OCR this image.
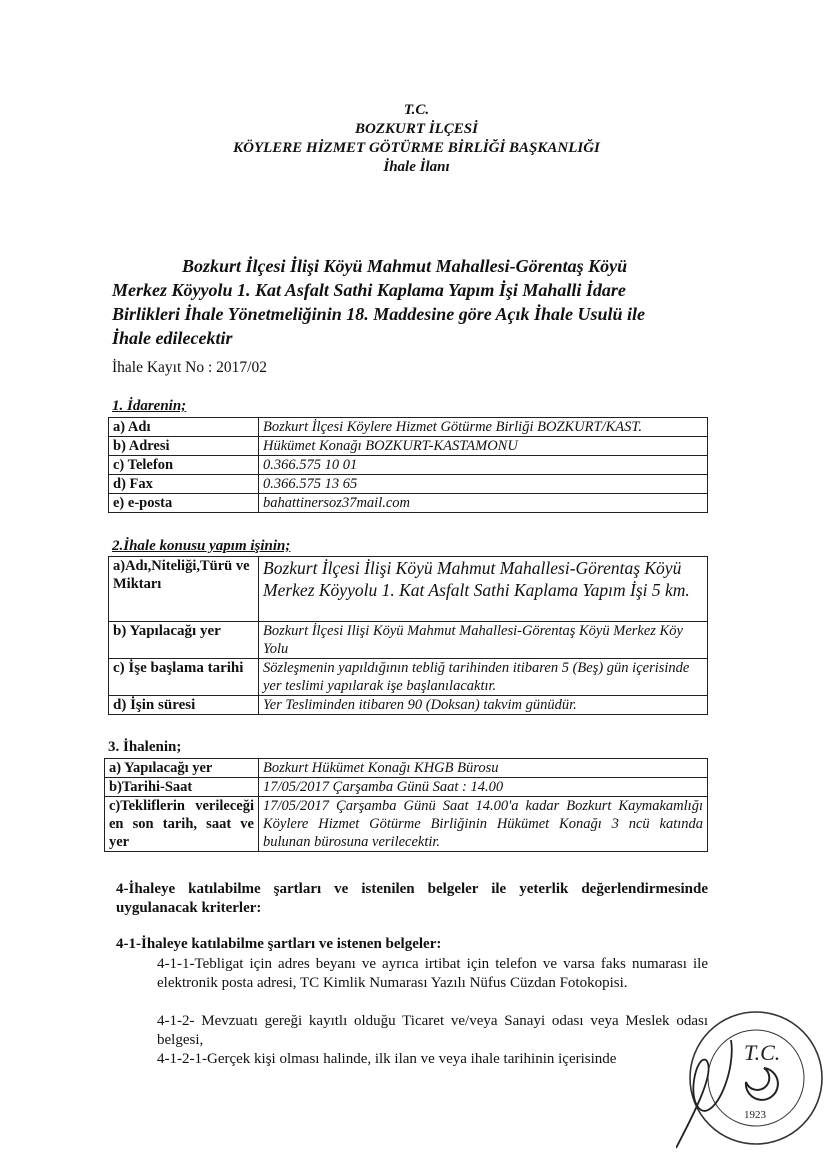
T.C.
BOZKURT İLÇESİ
KÖYLERE HİZMET GÖTÜRME BİRLİĞİ BAŞKANLIĞI
İhale İlanı
Bozkurt İlçesi İlişi Köyü Mahmut Mahallesi-Görentaş Köyü
Merkez Köyyolu 1. Kat Asfalt Sathi Kaplama Yapım İşi Mahalli İdare
Birlikleri İhale Yönetmeliğinin 18. Maddesine göre Açık İhale Usulü ile
İhale edilecektir
İhale Kayıt No : 2017/02
1. İdarenin;
a) Adı	Bozkurt İlçesi Köylere Hizmet Götürme Birliği BOZKURT/KAST.
b) Adresi	Hükümet Konağı BOZKURT-KASTAMONU
c) Telefon	0.366.575 10 01
d) Fax	0.366.575 13 65
e) e-posta	bahattinersoz37mail.com
2.İhale konusu yapım işinin;
a)Adı,Niteliği,Türü ve Miktarı	Bozkurt İlçesi İlişi Köyü Mahmut Mahallesi-Görentaş Köyü Merkez Köyyolu 1. Kat Asfalt Sathi Kaplama Yapım İşi 5 km.
b) Yapılacağı yer	Bozkurt İlçesi Ilişi Köyü Mahmut Mahallesi-Görentaş Köyü Merkez Köy Yolu
c) İşe başlama tarihi	Sözleşmenin yapıldığının tebliğ tarihinden itibaren 5 (Beş) gün içerisinde yer teslimi yapılarak işe başlanılacaktır.
d) İşin süresi	Yer Tesliminden itibaren 90 (Doksan) takvim günüdür.
3. İhalenin;
a) Yapılacağı yer	Bozkurt Hükümet Konağı KHGB Bürosu
b)Tarihi-Saat	17/05/2017 Çarşamba Günü Saat : 14.00
c)Tekliflerin verileceği en son tarih, saat ve yer	17/05/2017 Çarşamba Günü Saat 14.00'a kadar Bozkurt Kaymakamlığı Köylere Hizmet Götürme Birliğinin Hükümet Konağı 3 ncü katında bulunan bürosuna verilecektir.
4-İhaleye katılabilme şartları ve istenilen belgeler ile yeterlik değerlendirmesinde uygulanacak kriterler:
4-1-İhaleye katılabilme şartları ve istenen belgeler:
4-1-1-Tebligat için adres beyanı ve ayrıca irtibat için telefon ve varsa faks numarası ile elektronik posta adresi, TC Kimlik Numarası Yazılı Nüfus Cüzdan Fotokopisi.
4-1-2- Mevzuatı gereği kayıtlı olduğu Ticaret ve/veya Sanayi odası veya Meslek odası belgesi,
4-1-2-1-Gerçek kişi olması halinde, ilk ilan ve veya ihale tarihinin içerisinde	T.C.
1923
